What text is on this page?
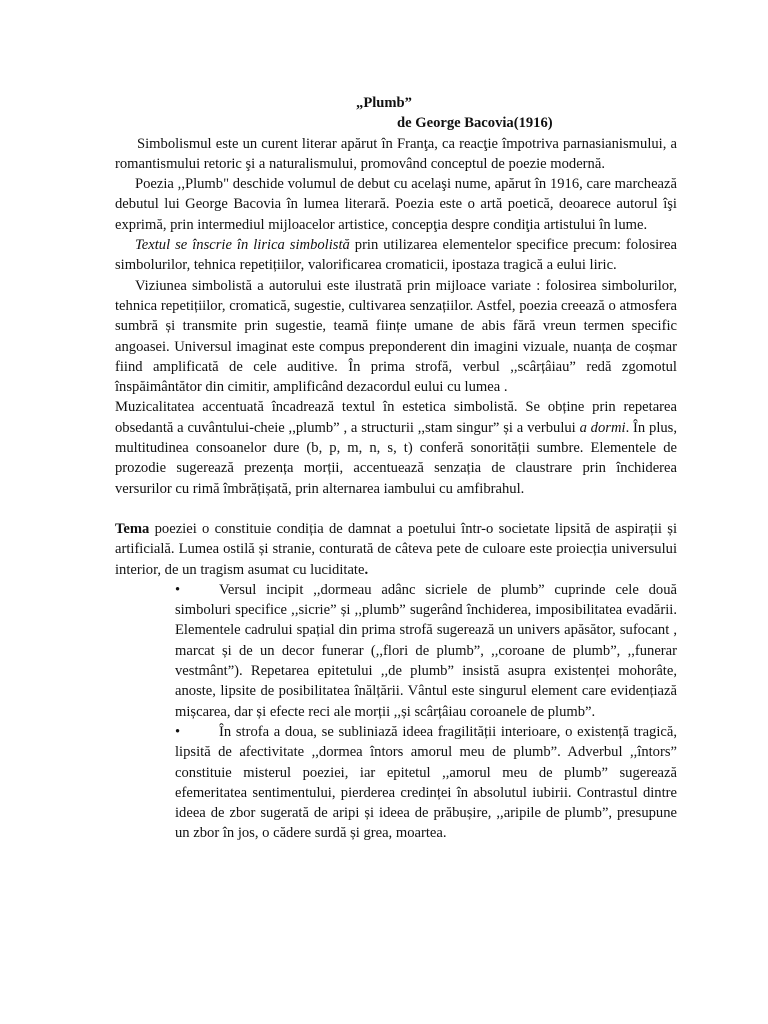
„Plumb”

de George Bacovia(1916)

Simbolismul este un curent literar apărut în Franţa, ca reacţie împotriva parnasianismului, a romantismului retoric şi a naturalismului, promovând conceptul de poezie modernă.

Poezia ,,Plumb" deschide volumul de debut cu acelaşi nume, apărut în 1916, care marchează debutul lui George Bacovia în lumea literară. Poezia este o artă poetică, deoarece autorul îşi exprimă, prin intermediul mijloacelor artistice, concepţia despre condiţia artistului în lume.

Textul se înscrie în lirica simbolistă prin utilizarea elementelor specifice precum: folosirea simbolurilor, tehnica repetițiilor, valorificarea cromaticii, ipostaza tragică a eului liric.

Viziunea simbolistă a autorului este ilustrată prin mijloace variate : folosirea simbolurilor, tehnica repetițiilor, cromatică, sugestie, cultivarea senzațiilor. Astfel, poezia creează o atmosfera sumbră și transmite prin sugestie, teamă ființe umane de abis fără vreun termen specific angoasei. Universul imaginat este compus preponderent din imagini vizuale, nuanța de coșmar fiind amplificată de cele auditive. În prima strofă, verbul ,,scârțâiau” redă zgomotul înspăimântător din cimitir, amplificând dezacordul eului cu lumea .

Muzicalitatea accentuată încadrează textul în estetica simbolistă. Se obține prin repetarea obsedantă a cuvântului-cheie ,,plumb” , a structurii ,,stam singur” și a verbului a dormi. În plus, multitudinea consoanelor dure (b, p, m, n, s, t) conferă sonorității sumbre. Elementele de prozodie sugerează prezența morții, accentuează senzația de claustrare prin închiderea versurilor cu rimă îmbrățișată, prin alternarea iambului cu amfibrahul.

Tema poeziei o constituie condiția de damnat a poetului într-o societate lipsită de aspirații și artificială. Lumea ostilă și stranie, conturată de câteva pete de culoare este proiecția universului interior, de un tragism asumat cu luciditate.

•	Versul incipit ,,dormeau adânc sicriele de plumb” cuprinde cele două simboluri specifice ,,sicrie” și ,,plumb” sugerând închiderea, imposibilitatea evadării. Elementele cadrului spațial din prima strofă sugerează un univers apăsător, sufocant , marcat și de un decor funerar (,,flori de plumb”, ,,coroane de plumb”, ,,funerar vestmânt”). Repetarea epitetului ,,de plumb” insistă asupra existenței mohorâte, anoste, lipsite de posibilitatea înălțării. Vântul este singurul element care evidențiază mișcarea, dar și efecte reci ale morții ,,și scârțâiau coroanele de plumb”.

•	În strofa a doua, se subliniază ideea fragilității interioare, o existență tragică, lipsită de afectivitate ,,dormea întors amorul meu de plumb”. Adverbul ,,întors” constituie misterul poeziei, iar epitetul ,,amorul meu de plumb” sugerează efemeritatea sentimentului, pierderea credinței în absolutul iubirii. Contrastul dintre ideea de zbor sugerată de aripi și ideea de prăbușire, ,,aripile de plumb”, presupune un zbor în jos, o cădere surdă și grea, moartea.
